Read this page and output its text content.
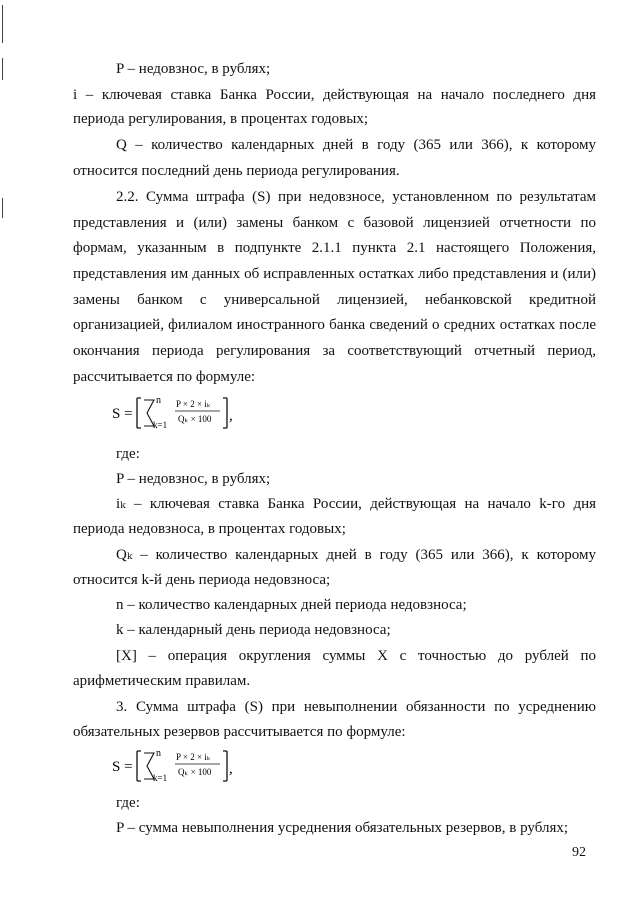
P – недовзнос, в рублях;
i – ключевая ставка Банка России, действующая на начало последнего дня
периода регулирования, в процентах годовых;
Q – количество календарных дней в году (365 или 366), к которому
относится последний день периода регулирования.
2.2. Сумма штрафа (S) при недовзносе, установленном по результатам
представления и (или) замены банком с базовой лицензией отчетности по
формам, указанным в подпункте 2.1.1 пункта 2.1 настоящего Положения,
представления им данных об исправленных остатках либо представления и (или)
замены банком с универсальной лицензией, небанковской кредитной
организацией, филиалом иностранного банка сведений о средних остатках после
окончания периода регулирования за соответствующий отчетный период,
рассчитывается по формуле:
S =
n
k=1
P × 2 × iₖ
Qₖ × 100 ,
где:
P – недовзнос, в рублях;
iₖ – ключевая ставка Банка России, действующая на начало k-го дня
периода недовзноса, в процентах годовых;
Qₖ – количество календарных дней в году (365 или 366), к которому
относится k-й день периода недовзноса;
n – количество календарных дней периода недовзноса;
k – календарный день периода недовзноса;
[X] – операция округления суммы X с точностью до рублей по
арифметическим правилам.
3. Сумма штрафа (S) при невыполнении обязанности по усреднению
обязательных резервов рассчитывается по формуле:
S =
n
k=1
P × 2 × iₖ
Qₖ × 100 ,
где:
P – сумма невыполнения усреднения обязательных резервов, в рублях;
92
